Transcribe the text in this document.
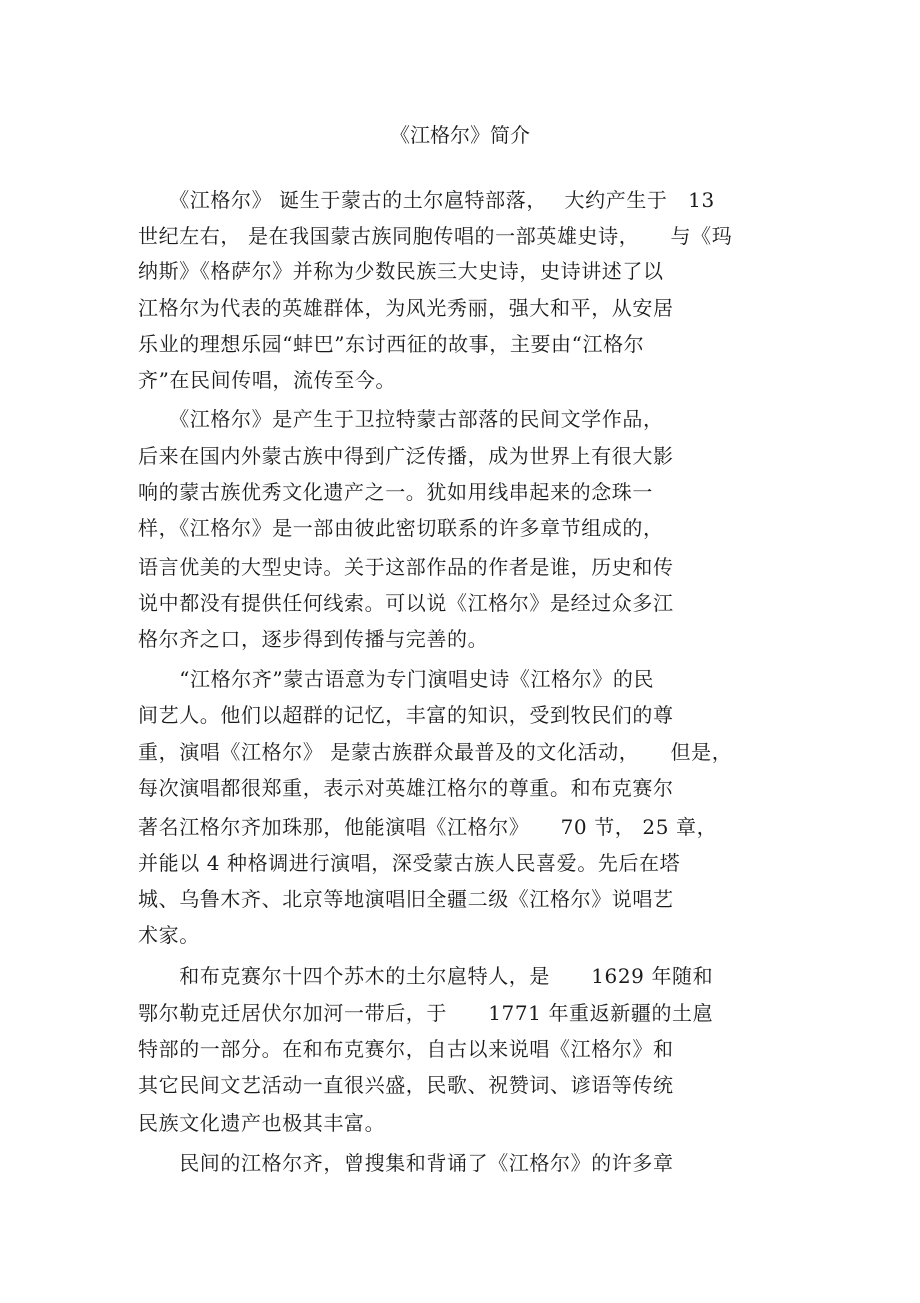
《江格尔》简介
　　《江格尔》 诞生于蒙古的土尔扈特部落，　 大约产生于　13
世纪左右， 是在我国蒙古族同胞传唱的一部英雄史诗，　　与《玛
纳斯》《格萨尔》并称为少数民族三大史诗，史诗讲述了以
江格尔为代表的英雄群体，为风光秀丽，强大和平，从安居
乐业的理想乐园“蚌巴”东讨西征的故事，主要由“江格尔
齐”在民间传唱，流传至今。
　　《江格尔》是产生于卫拉特蒙古部落的民间文学作品，
后来在国内外蒙古族中得到广泛传播，成为世界上有很大影
响的蒙古族优秀文化遗产之一。犹如用线串起来的念珠一
样，《江格尔》是一部由彼此密切联系的许多章节组成的，
语言优美的大型史诗。关于这部作品的作者是谁，历史和传
说中都没有提供任何线索。可以说《江格尔》是经过众多江
格尔齐之口，逐步得到传播与完善的。
　　“江格尔齐”蒙古语意为专门演唱史诗《江格尔》的民
间艺人。他们以超群的记忆，丰富的知识，受到牧民们的尊
重，演唱《江格尔》 是蒙古族群众最普及的文化活动，　　但是，
每次演唱都很郑重，表示对英雄江格尔的尊重。和布克赛尔
著名江格尔齐加珠那，他能演唱《江格尔》　　70 节， 25 章，
并能以 4 种格调进行演唱，深受蒙古族人民喜爱。先后在塔
城、乌鲁木齐、北京等地演唱旧全疆二级《江格尔》说唱艺
术家。
　　和布克赛尔十四个苏木的土尔扈特人，是　　1629 年随和
鄂尔勒克迁居伏尔加河一带后，于　　1771 年重返新疆的土扈
特部的一部分。在和布克赛尔，自古以来说唱《江格尔》和
其它民间文艺活动一直很兴盛，民歌、祝赞词、谚语等传统
民族文化遗产也极其丰富。
　　民间的江格尔齐，曾搜集和背诵了《江格尔》的许多章
